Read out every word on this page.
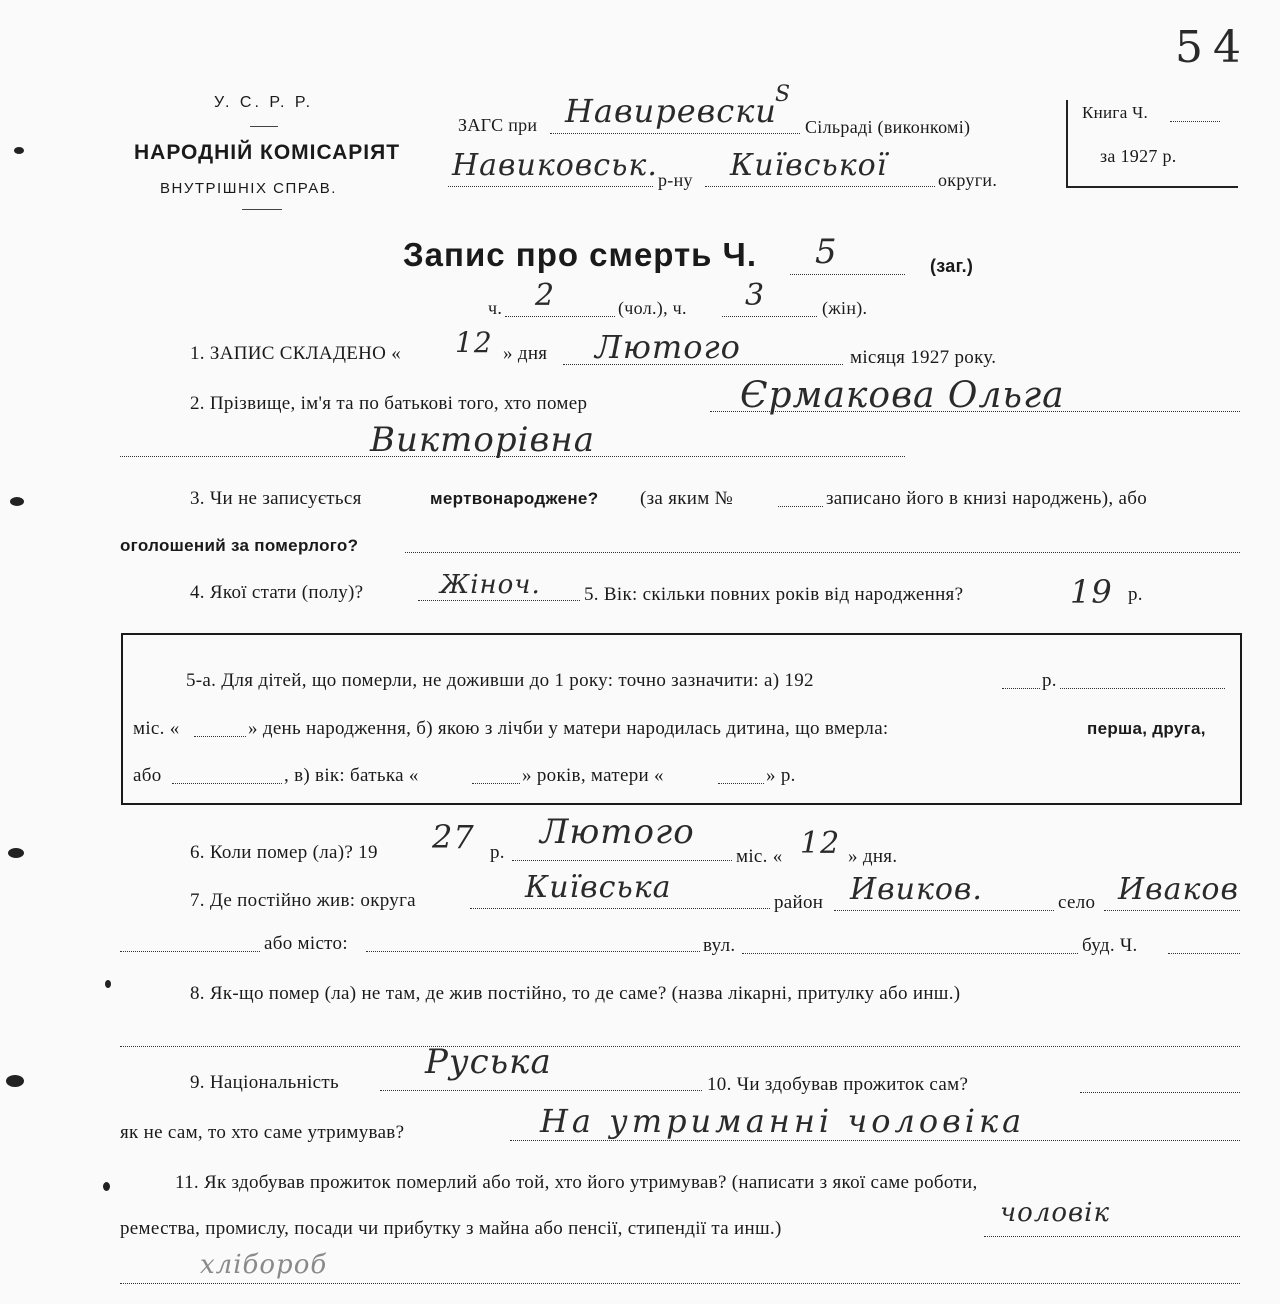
54
У. С. Р. Р.
НАРОДНІЙ КОМІСАРІЯТ
ВНУТРІШНІХ СПРАВ.
ЗАГС при Навиревски
S
Сільраді (виконкомі)
Навиковськ. р-ну Київської	округи.
Книга Ч.
за 1927 р.
Запис про смерть Ч. 5	(заг.)
ч. 2	(чол.), ч. 3	(жін).
1. ЗАПИС СКЛАДЕНО « 12 » дня Лютого	місяця 1927 року.
2. Прізвище, ім'я та по батькові того, хто помер	Єрмакова Ольга
Викторівна
3. Чи не записується	мертвонароджене? (за яким №	записано його в книзі народжень), або
оголошений за померлого?
4. Якої стати (полу)?	Жіноч. 5. Вік: скільки повних років від народження?	19 р.
5-а. Для дітей, що померли, не доживши до 1 року: точно зазначити: а) 192	р.
міс. «	» день народження, б) якою з лічби у матери народилась дитина, що вмерла:	перша, друга,
або	, в) вік: батька «	» років, матери «	» р.
6. Коли помер (ла)? 19 27 р.
Лютого
міс. « 12 » дня.
7. Де постійно жив: округа	Київська	район Ивиков.	село Иваков
або місто:	вул.	буд. Ч.
8. Як-що помер (ла) не там, де жив постійно, то де саме? (назва лікарні, притулку або инш.)
9. Національність
Руська
10. Чи здобував прожиток сам?
як не сам, то хто саме утримував?	На утриманні чоловіка
11. Як здобував прожиток померлий або той, хто його утримував? (написати з якої саме роботи,
ремества, промислу, посади чи прибутку з майна або пенсії, стипендії та инш.)
чоловік
хлібороб
